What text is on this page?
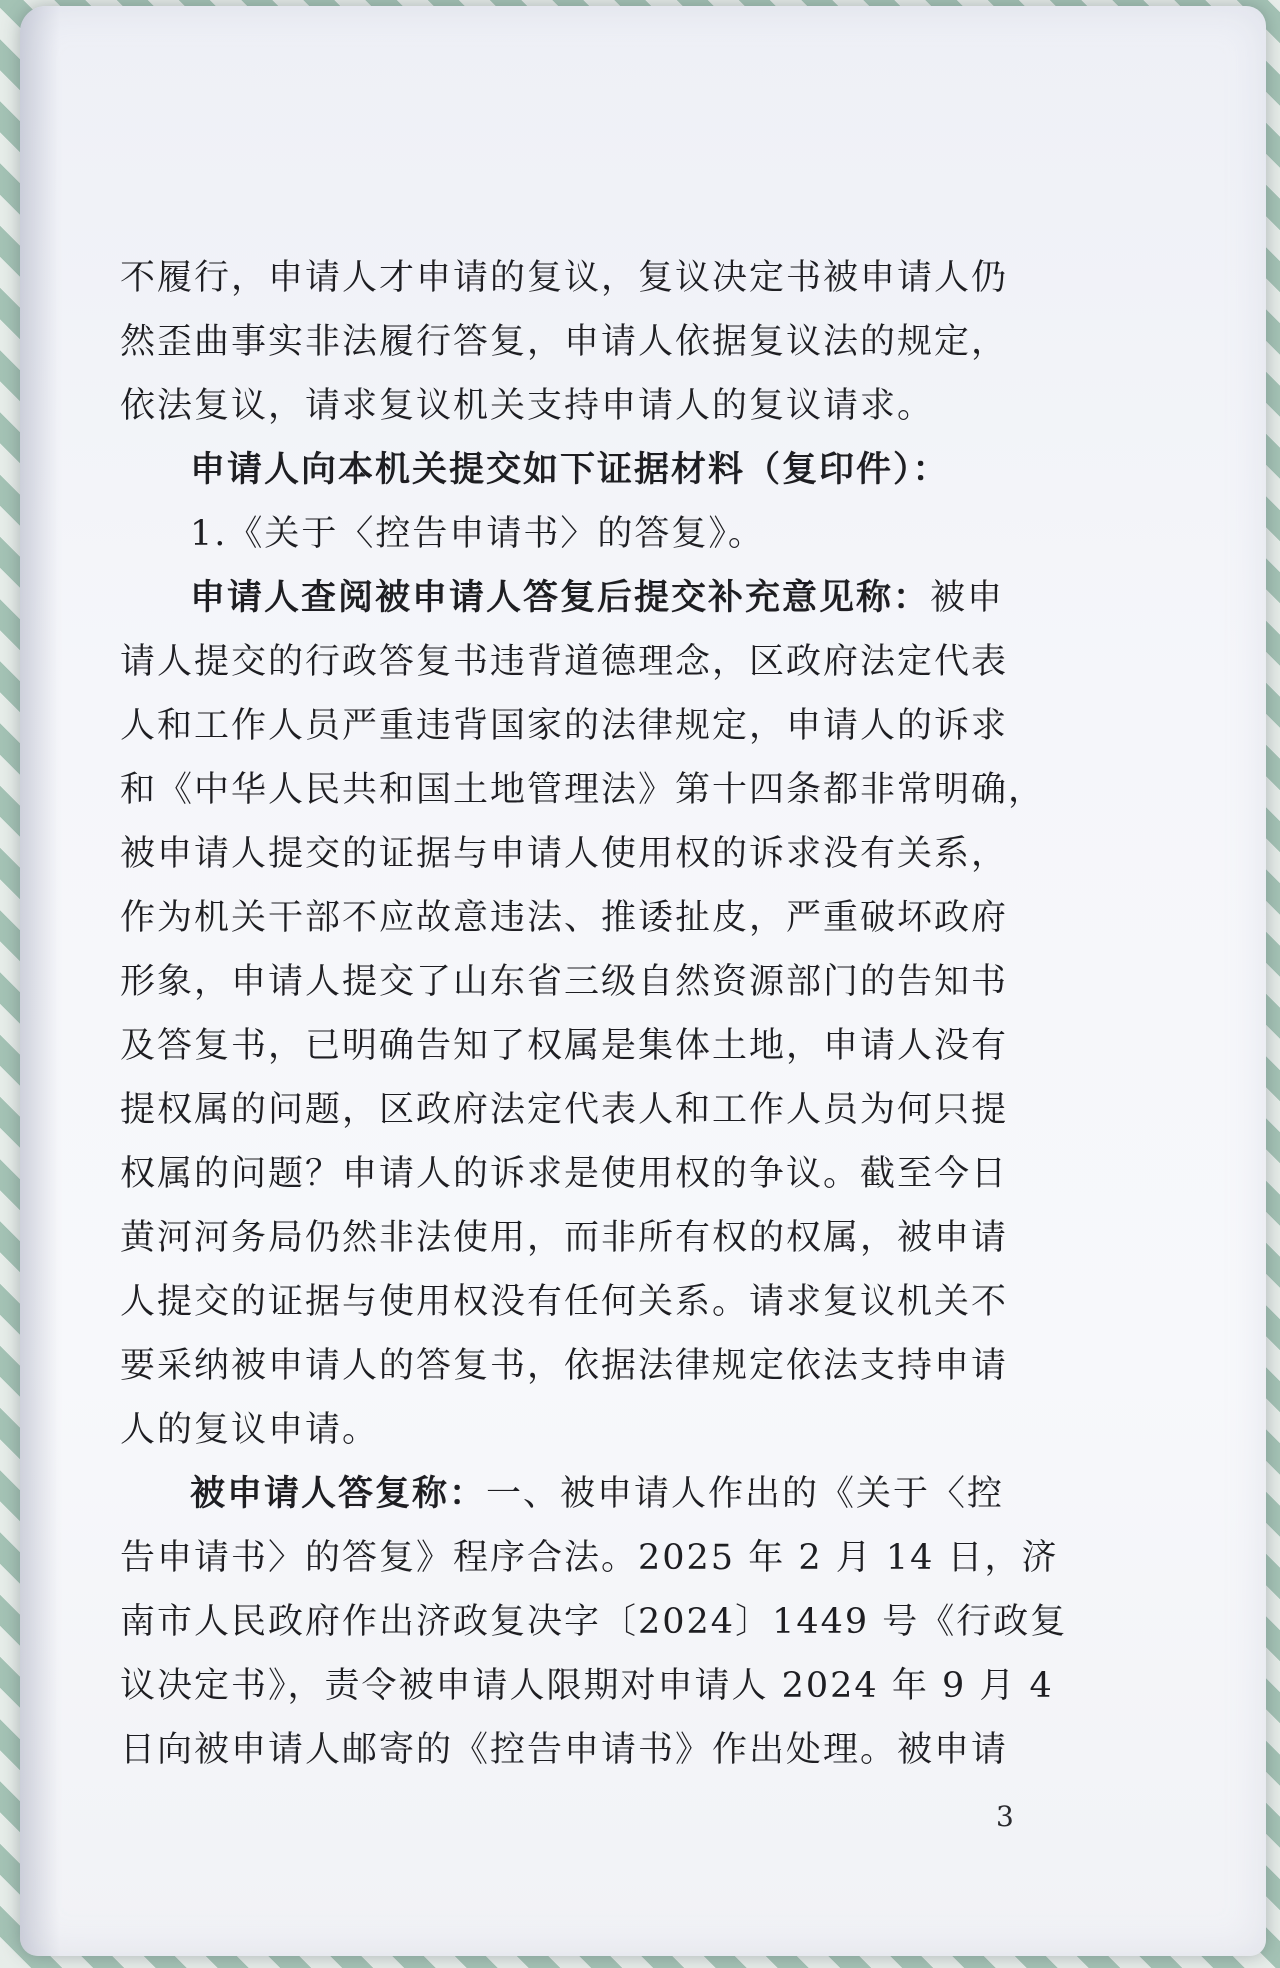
不履行，申请人才申请的复议，复议决定书被申请人仍
然歪曲事实非法履行答复，申请人依据复议法的规定，
依法复议，请求复议机关支持申请人的复议请求。
申请人向本机关提交如下证据材料（复印件）：
1.《关于〈控告申请书〉的答复》。
申请人查阅被申请人答复后提交补充意见称：被申
请人提交的行政答复书违背道德理念，区政府法定代表
人和工作人员严重违背国家的法律规定，申请人的诉求
和《中华人民共和国土地管理法》第十四条都非常明确，
被申请人提交的证据与申请人使用权的诉求没有关系，
作为机关干部不应故意违法、推诿扯皮，严重破坏政府
形象，申请人提交了山东省三级自然资源部门的告知书
及答复书，已明确告知了权属是集体土地，申请人没有
提权属的问题，区政府法定代表人和工作人员为何只提
权属的问题？申请人的诉求是使用权的争议。截至今日
黄河河务局仍然非法使用，而非所有权的权属，被申请
人提交的证据与使用权没有任何关系。请求复议机关不
要采纳被申请人的答复书，依据法律规定依法支持申请
人的复议申请。
被申请人答复称：一、被申请人作出的《关于〈控
告申请书〉的答复》程序合法。2025 年 2 月 14 日，济
南市人民政府作出济政复决字〔2024〕1449 号《行政复
议决定书》，责令被申请人限期对申请人 2024 年 9 月 4
日向被申请人邮寄的《控告申请书》作出处理。被申请
3
